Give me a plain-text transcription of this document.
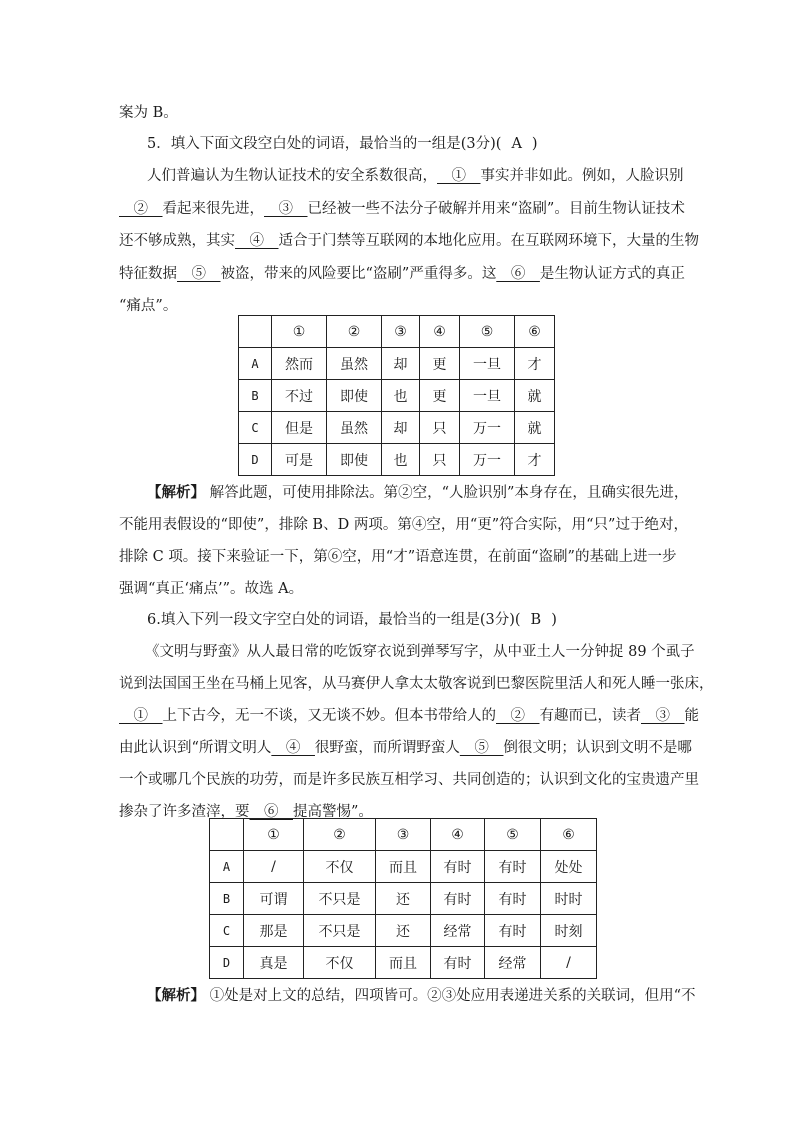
案为 B。
5．填入下面文段空白处的词语，最恰当的一组是(3分)( A )
人们普遍认为生物认证技术的安全系数很高，__①__事实并非如此。例如，人脸识别
__②__看起来很先进，__③__已经被一些不法分子破解并用来“盗刷”。目前生物认证技术
还不够成熟，其实__④__适合于门禁等互联网的本地化应用。在互联网环境下，大量的生物
特征数据__⑤__被盗，带来的风险要比“盗刷”严重得多。这__⑥__是生物认证方式的真正
“痛点”。
	①	②	③	④	⑤	⑥
A	然而	虽然	却	更	一旦	才
B	不过	即使	也	更	一旦	就
C	但是	虽然	却	只	万一	就
D	可是	即使	也	只	万一	才
【解析】 解答此题，可使用排除法。第②空，“人脸识别”本身存在，且确实很先进，
不能用表假设的“即使”，排除 B、D 两项。第④空，用“更”符合实际，用“只”过于绝对，
排除 C 项。接下来验证一下，第⑥空，用“才”语意连贯，在前面“盗刷”的基础上进一步
强调“真正‘痛点’”。故选 A。
6.填入下列一段文字空白处的词语，最恰当的一组是(3分)( B )
《文明与野蛮》从人最日常的吃饭穿衣说到弹琴写字，从中亚土人一分钟捉 89 个虱子
说到法国国王坐在马桶上见客，从马赛伊人拿太太敬客说到巴黎医院里活人和死人睡一张床，
__①__上下古今，无一不谈，又无谈不妙。但本书带给人的__②__有趣而已，读者__③__能
由此认识到“所谓文明人__④__很野蛮，而所谓野蛮人__⑤__倒很文明；认识到文明不是哪
一个或哪几个民族的功劳，而是许多民族互相学习、共同创造的；认识到文化的宝贵遗产里
掺杂了许多渣滓，要__⑥__提高警惕”。
	①	②	③	④	⑤	⑥
A	/	不仅	而且	有时	有时	处处
B	可谓	不只是	还	有时	有时	时时
C	那是	不只是	还	经常	有时	时刻
D	真是	不仅	而且	有时	经常	/
【解析】 ①处是对上文的总结，四项皆可。②③处应用表递进关系的关联词，但用“不
